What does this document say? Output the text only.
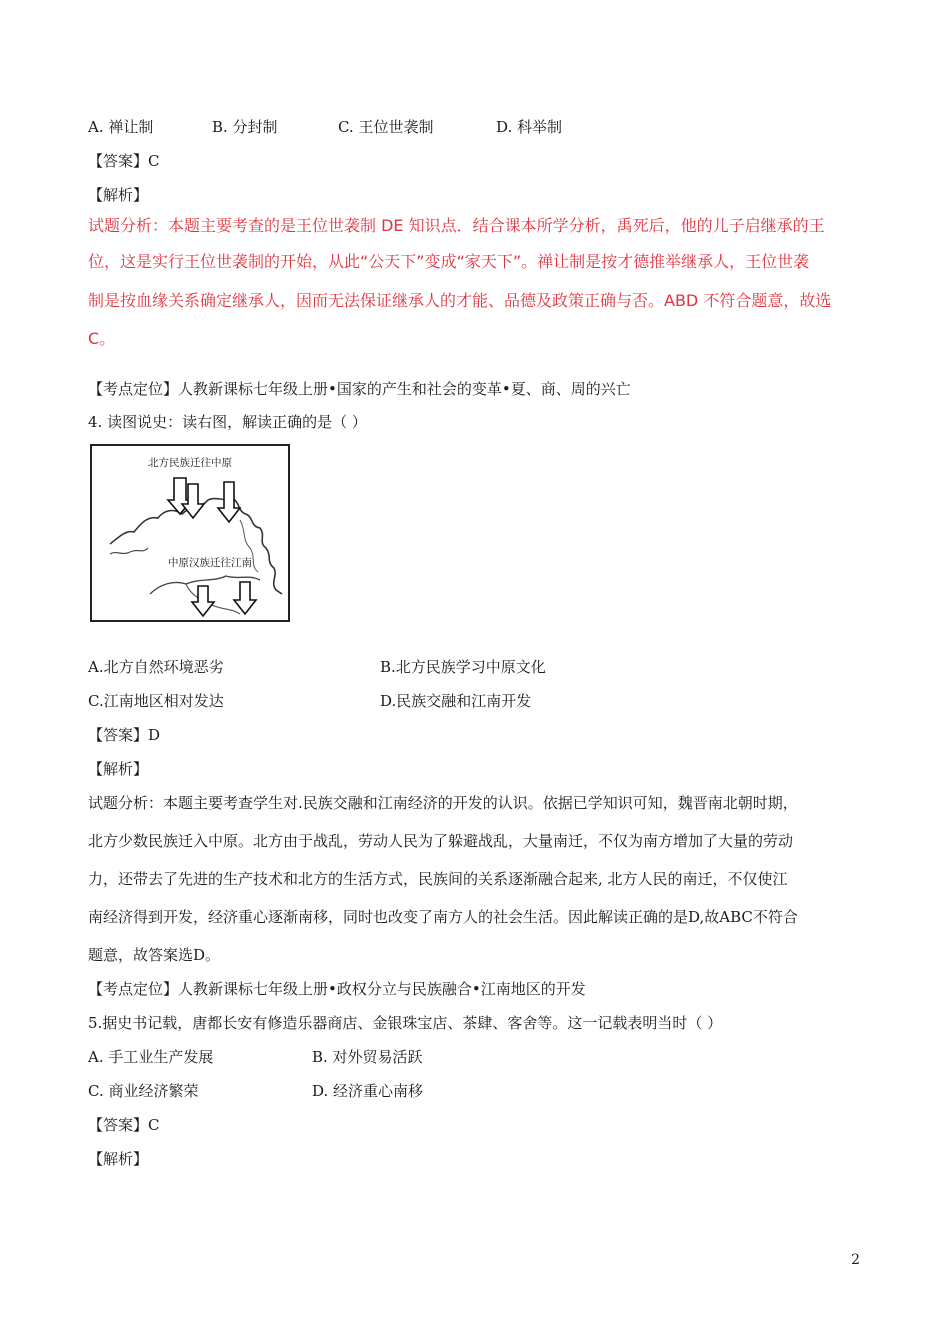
A. 禅让制	B. 分封制	C. 王位世袭制	D. 科举制
【答案】C
【解析】
试题分析：本题主要考查的是王位世袭制 DE 知识点．结合课本所学分析，禹死后，他的儿子启继承的王
位，这是实行王位世袭制的开始，从此“公天下”变成“家天下”。禅让制是按才德推举继承人，王位世袭
制是按血缘关系确定继承人，因而无法保证继承人的才能、品德及政策正确与否。ABD 不符合题意，故选
C。
【考点定位】人教新课标七年级上册•国家的产生和社会的变革•夏、商、周的兴亡
4. 读图说史：读右图，解读正确的是（ ）
北方民族迁往中原
中原汉族迁往江南
A.北方自然环境恶劣	B.北方民族学习中原文化
C.江南地区相对发达	D.民族交融和江南开发
【答案】D
【解析】
试题分析：本题主要考查学生对.民族交融和江南经济的开发的认识。依据已学知识可知，魏晋南北朝时期，
北方少数民族迁入中原。北方由于战乱，劳动人民为了躲避战乱，大量南迁，不仅为南方增加了大量的劳动
力，还带去了先进的生产技术和北方的生活方式，民族间的关系逐渐融合起来, 北方人民的南迁，不仅使江
南经济得到开发，经济重心逐渐南移，同时也改变了南方人的社会生活。因此解读正确的是D,故ABC不符合
题意，故答案选D。
【考点定位】人教新课标七年级上册•政权分立与民族融合•江南地区的开发
5.据史书记载，唐都长安有修造乐器商店、金银珠宝店、茶肆、客舍等。这一记载表明当时（ ）
A. 手工业生产发展	B. 对外贸易活跃
C. 商业经济繁荣	D. 经济重心南移
【答案】C
【解析】
2
